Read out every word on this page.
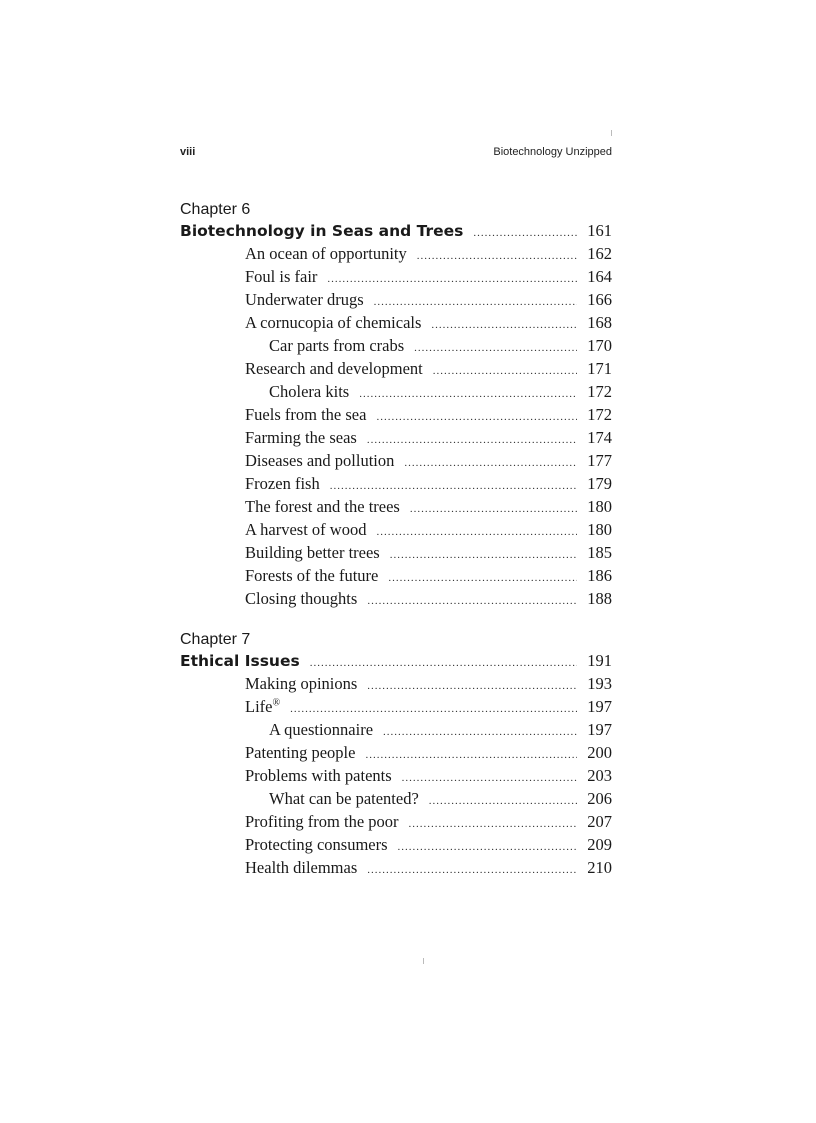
viii	Biotechnology Unzipped
Chapter 6
Biotechnology in Seas and Trees .....	161
An ocean of opportunity .....	162
Foul is fair .....	164
Underwater drugs .....	166
A cornucopia of chemicals .....	168
Car parts from crabs .....	170
Research and development .....	171
Cholera kits .....	172
Fuels from the sea .....	172
Farming the seas .....	174
Diseases and pollution .....	177
Frozen fish .....	179
The forest and the trees .....	180
A harvest of wood .....	180
Building better trees .....	185
Forests of the future .....	186
Closing thoughts .....	188
Chapter 7
Ethical Issues .....	191
Making opinions .....	193
Life® .....	197
A questionnaire .....	197
Patenting people .....	200
Problems with patents .....	203
What can be patented? .....	206
Profiting from the poor .....	207
Protecting consumers .....	209
Health dilemmas .....	210
